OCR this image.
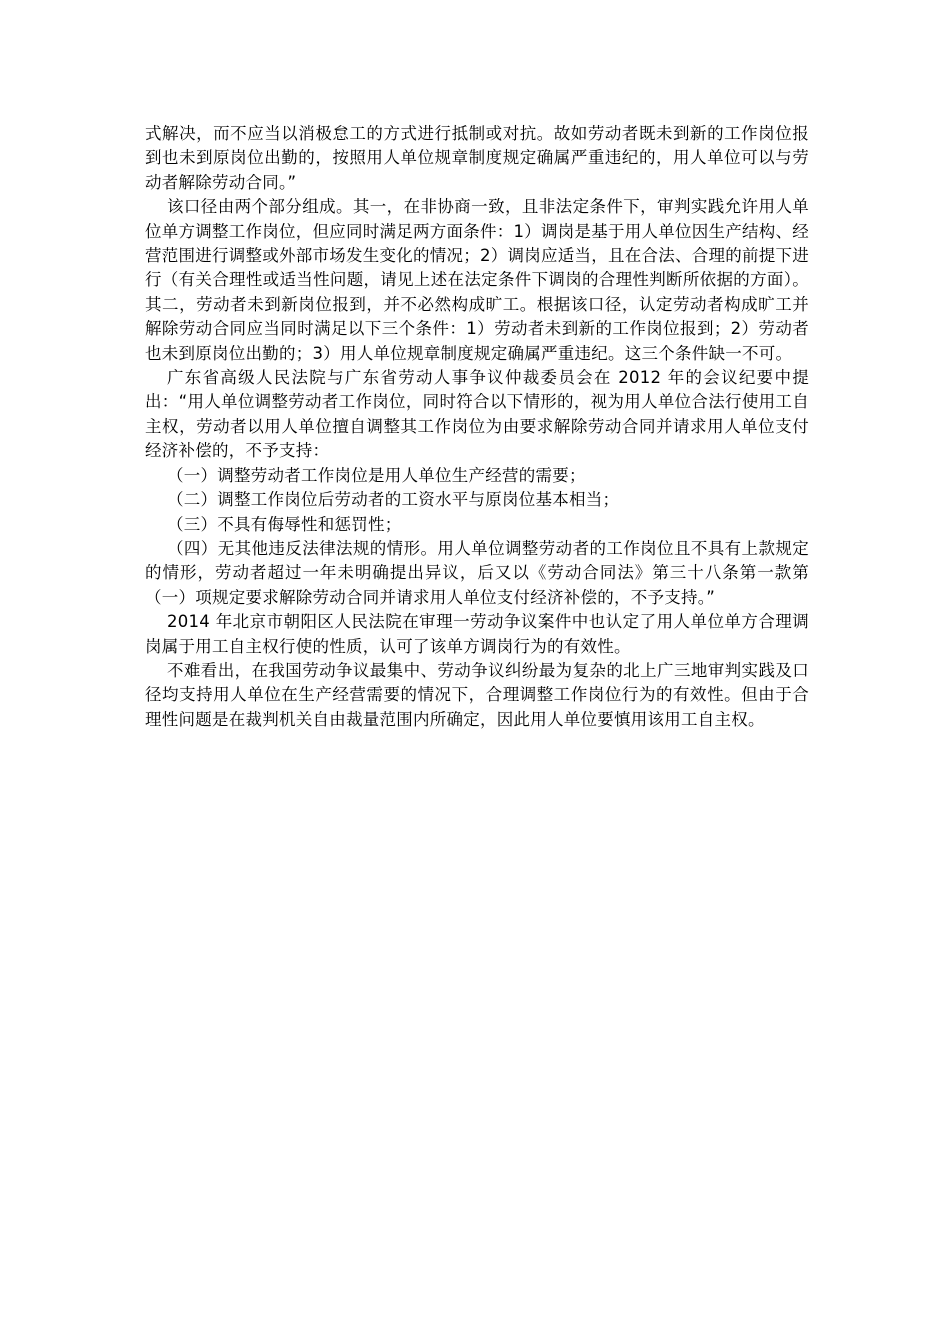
式解决，而不应当以消极怠工的方式进行抵制或对抗。故如劳动者既未到新的工作岗位报到也未到原岗位出勤的，按照用人单位规章制度规定确属严重违纪的，用人单位可以与劳动者解除劳动合同。”

该口径由两个部分组成。其一，在非协商一致，且非法定条件下，审判实践允许用人单位单方调整工作岗位，但应同时满足两方面条件：1）调岗是基于用人单位因生产结构、经营范围进行调整或外部市场发生变化的情况；2）调岗应适当，且在合法、合理的前提下进行（有关合理性或适当性问题，请见上述在法定条件下调岗的合理性判断所依据的方面）。其二，劳动者未到新岗位报到，并不必然构成旷工。根据该口径，认定劳动者构成旷工并解除劳动合同应当同时满足以下三个条件：1）劳动者未到新的工作岗位报到；2）劳动者也未到原岗位出勤的；3）用人单位规章制度规定确属严重违纪。这三个条件缺一不可。

广东省高级人民法院与广东省劳动人事争议仲裁委员会在 2012 年的会议纪要中提出：“用人单位调整劳动者工作岗位，同时符合以下情形的，视为用人单位合法行使用工自主权，劳动者以用人单位擅自调整其工作岗位为由要求解除劳动合同并请求用人单位支付经济补偿的，不予支持：

（一）调整劳动者工作岗位是用人单位生产经营的需要；

（二）调整工作岗位后劳动者的工资水平与原岗位基本相当；

（三）不具有侮辱性和惩罚性；

（四）无其他违反法律法规的情形。用人单位调整劳动者的工作岗位且不具有上款规定的情形，劳动者超过一年未明确提出异议，后又以《劳动合同法》第三十八条第一款第（一）项规定要求解除劳动合同并请求用人单位支付经济补偿的，不予支持。”

2014 年北京市朝阳区人民法院在审理一劳动争议案件中也认定了用人单位单方合理调岗属于用工自主权行使的性质，认可了该单方调岗行为的有效性。

不难看出，在我国劳动争议最集中、劳动争议纠纷最为复杂的北上广三地审判实践及口径均支持用人单位在生产经营需要的情况下，合理调整工作岗位行为的有效性。但由于合理性问题是在裁判机关自由裁量范围内所确定，因此用人单位要慎用该用工自主权。
